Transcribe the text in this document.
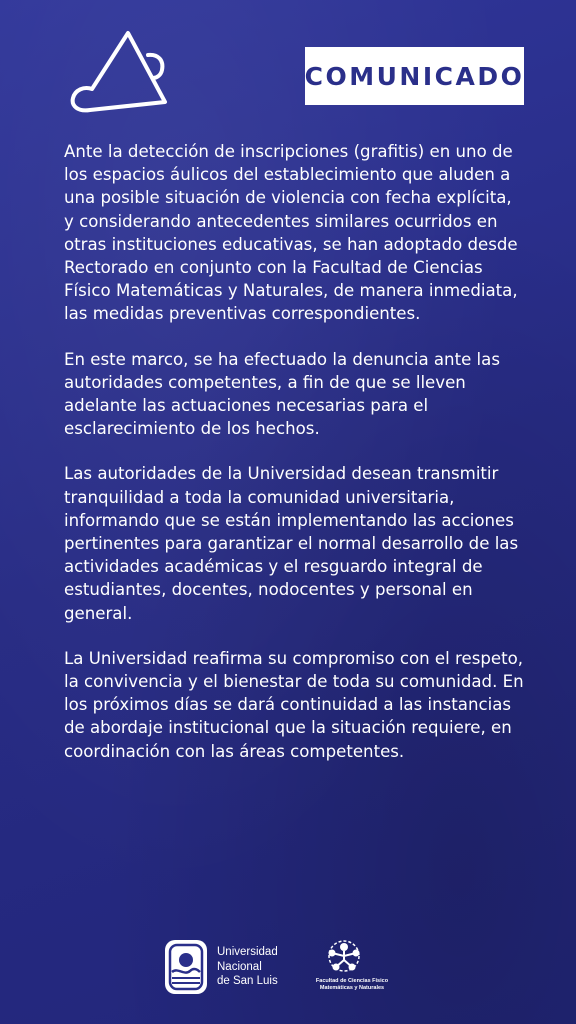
COMUNICADO

Ante la detección de inscripciones (grafitis) en uno de los espacios áulicos del establecimiento que aluden a una posible situación de violencia con fecha explícita, y considerando antecedentes similares ocurridos en otras instituciones educativas, se han adoptado desde Rectorado en conjunto con la Facultad de Ciencias Físico Matemáticas y Naturales, de manera inmediata, las medidas preventivas correspondientes.

En este marco, se ha efectuado la denuncia ante las autoridades competentes, a fin de que se lleven adelante las actuaciones necesarias para el esclarecimiento de los hechos.

Las autoridades de la Universidad desean transmitir tranquilidad a toda la comunidad universitaria, informando que se están implementando las acciones pertinentes para garantizar el normal desarrollo de las actividades académicas y el resguardo integral de estudiantes, docentes, nodocentes y personal en general.

La Universidad reafirma su compromiso con el respeto, la convivencia y el bienestar de toda su comunidad. En los próximos días se dará continuidad a las instancias de abordaje institucional que la situación requiere, en coordinación con las áreas competentes.

Universidad
Nacional
de San Luis	Facultad de Ciencias Físico
Matemáticas y Naturales
